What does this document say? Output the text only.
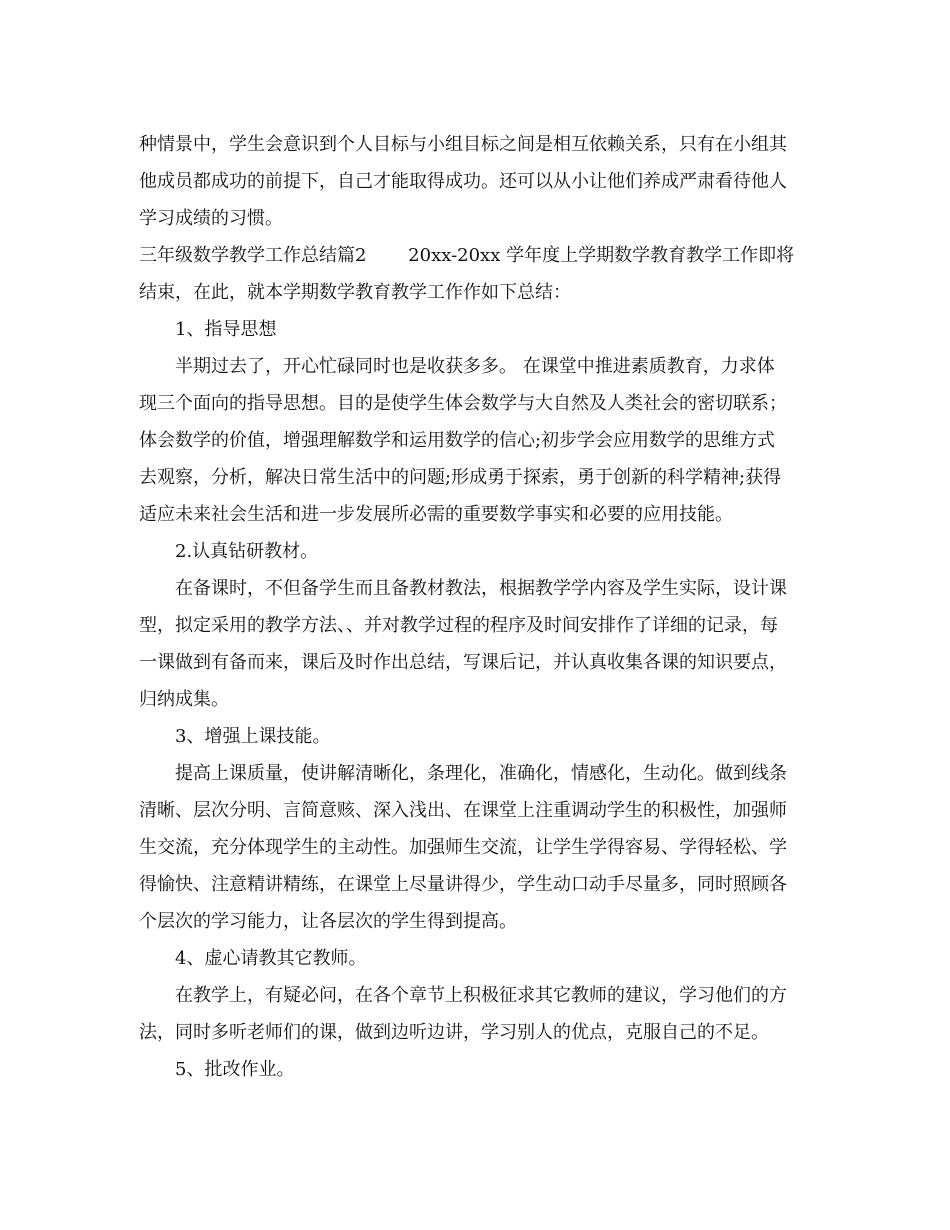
种情景中，学生会意识到个人目标与小组目标之间是相互依赖关系，只有在小组其
他成员都成功的前提下，自己才能取得成功。还可以从小让他们养成严肃看待他人
学习成绩的习惯。
三年级数学教学工作总结篇2　　 20xx-20xx 学年度上学期数学教育教学工作即将
结束，在此，就本学期数学教育教学工作作如下总结：
1、指导思想
半期过去了，开心忙碌同时也是收获多多。 在课堂中推进素质教育，力求体
现三个面向的指导思想。目的是使学生体会数学与大自然及人类社会的密切联系；
体会数学的价值，增强理解数学和运用数学的信心;初步学会应用数学的思维方式
去观察，分析，解决日常生活中的问题;形成勇于探索，勇于创新的科学精神;获得
适应未来社会生活和进一步发展所必需的重要数学事实和必要的应用技能。
2.认真钻研教材。
在备课时，不但备学生而且备教材教法，根据教学学内容及学生实际，设计课
型，拟定采用的教学方法、、并对教学过程的程序及时间安排作了详细的记录，每
一课做到有备而来，课后及时作出总结，写课后记，并认真收集各课的知识要点，
归纳成集。
3、增强上课技能。
提高上课质量，使讲解清晰化，条理化，准确化，情感化，生动化。做到线条
清晰、层次分明、言简意赅、深入浅出、在课堂上注重调动学生的积极性，加强师
生交流，充分体现学生的主动性。加强师生交流，让学生学得容易、学得轻松、学
得愉快、注意精讲精练，在课堂上尽量讲得少，学生动口动手尽量多，同时照顾各
个层次的学习能力，让各层次的学生得到提高。
4、虚心请教其它教师。
在教学上，有疑必问，在各个章节上积极征求其它教师的建议，学习他们的方
法，同时多听老师们的课，做到边听边讲，学习别人的优点，克服自己的不足。
5、批改作业。
